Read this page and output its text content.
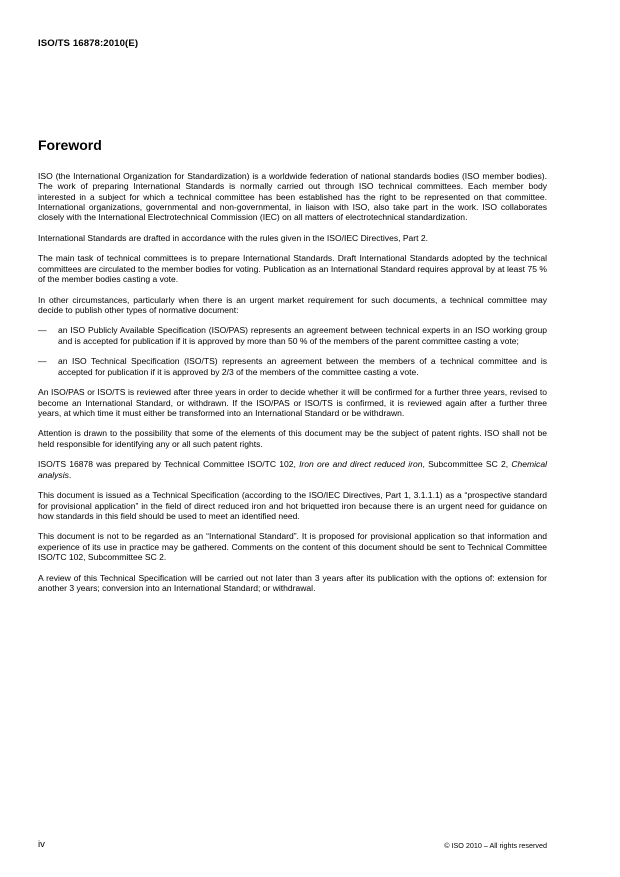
ISO/TS 16878:2010(E)
Foreword

ISO (the International Organization for Standardization) is a worldwide federation of national standards bodies (ISO member bodies). The work of preparing International Standards is normally carried out through ISO technical committees. Each member body interested in a subject for which a technical committee has been established has the right to be represented on that committee. International organizations, governmental and non-governmental, in liaison with ISO, also take part in the work. ISO collaborates closely with the International Electrotechnical Commission (IEC) on all matters of electrotechnical standardization.

International Standards are drafted in accordance with the rules given in the ISO/IEC Directives, Part 2.

The main task of technical committees is to prepare International Standards. Draft International Standards adopted by the technical committees are circulated to the member bodies for voting. Publication as an International Standard requires approval by at least 75 % of the member bodies casting a vote.

In other circumstances, particularly when there is an urgent market requirement for such documents, a technical committee may decide to publish other types of normative document:

—	an ISO Publicly Available Specification (ISO/PAS) represents an agreement between technical experts in an ISO working group and is accepted for publication if it is approved by more than 50 % of the members of the parent committee casting a vote;
—	an ISO Technical Specification (ISO/TS) represents an agreement between the members of a technical committee and is accepted for publication if it is approved by 2/3 of the members of the committee casting a vote.

An ISO/PAS or ISO/TS is reviewed after three years in order to decide whether it will be confirmed for a further three years, revised to become an International Standard, or withdrawn. If the ISO/PAS or ISO/TS is confirmed, it is reviewed again after a further three years, at which time it must either be transformed into an International Standard or be withdrawn.

Attention is drawn to the possibility that some of the elements of this document may be the subject of patent rights. ISO shall not be held responsible for identifying any or all such patent rights.

ISO/TS 16878 was prepared by Technical Committee ISO/TC 102, Iron ore and direct reduced iron, Subcommittee SC 2, Chemical analysis.

This document is issued as a Technical Specification (according to the ISO/IEC Directives, Part 1, 3.1.1.1) as a “prospective standard for provisional application” in the field of direct reduced iron and hot briquetted iron because there is an urgent need for guidance on how standards in this field should be used to meet an identified need.

This document is not to be regarded as an “International Standard”. It is proposed for provisional application so that information and experience of its use in practice may be gathered. Comments on the content of this document should be sent to Technical Committee ISO/TC 102, Subcommittee SC 2.

A review of this Technical Specification will be carried out not later than 3 years after its publication with the options of: extension for another 3 years; conversion into an International Standard; or withdrawal.

iv	© ISO 2010 – All rights reserved
